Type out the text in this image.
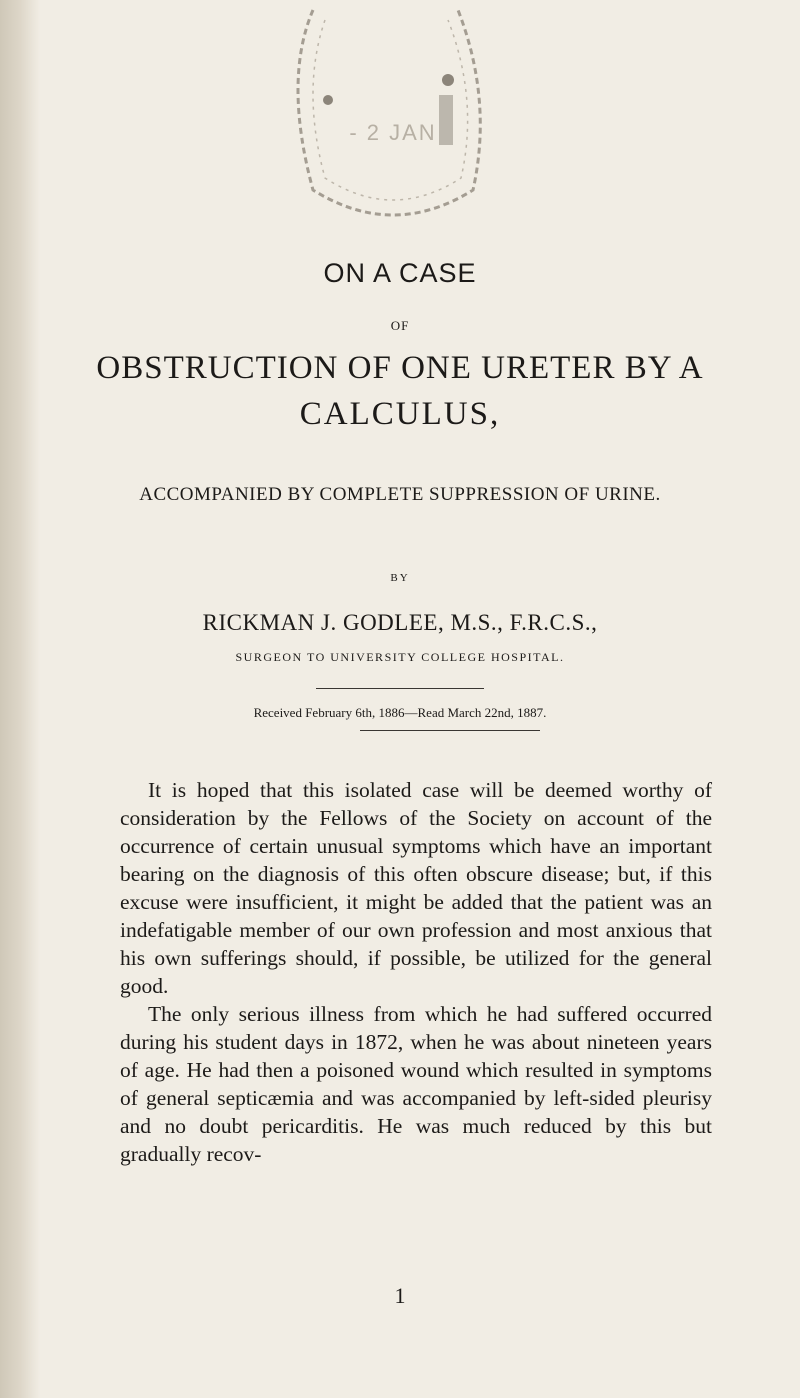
- 2 JAN
ON A CASE
OF
OBSTRUCTION OF ONE URETER BY A
CALCULUS,
ACCOMPANIED BY COMPLETE SUPPRESSION OF URINE.
BY
RICKMAN J. GODLEE, M.S., F.R.C.S.,
SURGEON TO UNIVERSITY COLLEGE HOSPITAL.
Received February 6th, 1886—Read March 22nd, 1887.

It is hoped that this isolated case will be deemed worthy of consideration by the Fellows of the Society on account of the occurrence of certain unusual symptoms which have an important bearing on the diagnosis of this often obscure disease; but, if this excuse were insufficient, it might be added that the patient was an indefatigable member of our own profession and most anxious that his own sufferings should, if possible, be utilized for the general good.

The only serious illness from which he had suffered occurred during his student days in 1872, when he was about nineteen years of age. He had then a poisoned wound which resulted in symptoms of general septicæmia and was accompanied by left-sided pleurisy and no doubt pericarditis. He was much reduced by this but gradually recov-

1
